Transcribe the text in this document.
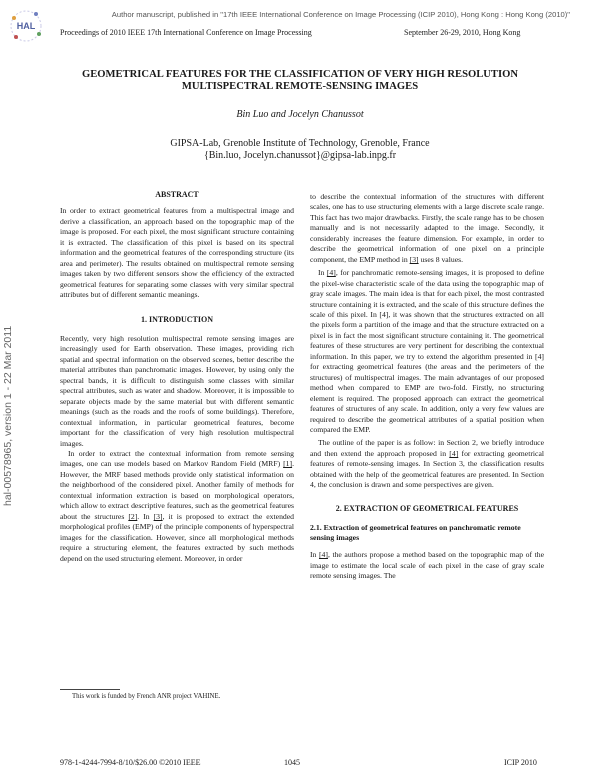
HAL
Author manuscript, published in "17th IEEE International Conference on Image Processing (ICIP 2010), Hong Kong : Hong Kong (2010)"
Proceedings of 2010 IEEE 17th International Conference on Image Processing	September 26-29, 2010, Hong Kong
hal-00578965, version 1 - 22 Mar 2011
GEOMETRICAL FEATURES FOR THE CLASSIFICATION OF VERY HIGH RESOLUTION
MULTISPECTRAL REMOTE-SENSING IMAGES
Bin Luo and Jocelyn Chanussot
GIPSA-Lab, Grenoble Institute of Technology, Grenoble, France
{Bin.luo, Jocelyn.chanussot}@gipsa-lab.inpg.fr
ABSTRACT

In order to extract geometrical features from a multispectral image and derive a classification, an approach based on the topographic map of the image is proposed. For each pixel, the most significant structure containing it is extracted. The classification of this pixel is based on its spectral information and the geometrical features of the corresponding structure (its area and perimeter). The results obtained on multispectral remote sensing images taken by two different sensors show the efficiency of the extracted geometrical features for separating some classes with very similar spectral attributes but of different semantic meanings.

1. INTRODUCTION

Recently, very high resolution multispectral remote sensing images are increasingly used for Earth observation. These images, providing rich spatial and spectral information on the observed scenes, better describe the material attributes than panchromatic images. However, by using only the spectral bands, it is difficult to distinguish some classes with similar spectral attributes, such as water and shadow. Moreover, it is impossible to separate objects made by the same material but with different semantic meanings (such as the roads and the roofs of some buildings). Therefore, contextual information, in particular geometrical features, become important for the classification of very high resolution multispectral images.

In order to extract the contextual information from remote sensing images, one can use models based on Markov Random Field (MRF) [1]. However, the MRF based methods provide only statistical information on the neighborhood of the considered pixel. Another family of methods for contextual information extraction is based on morphological operators, which allow to extract descriptive features, such as the geometrical features about the structures [2]. In [3], it is proposed to extract the extended morphological profiles (EMP) of the principle components of hyperspectral images for the classification. However, since all morphological methods require a structuring element, the features extracted by such methods depend on the used structuring element. Moreover, in order

to describe the contextual information of the structures with different scales, one has to use structuring elements with a large discrete scale range. This fact has two major drawbacks. Firstly, the scale range has to be chosen manually and is not necessarily adapted to the image. Secondly, it considerably increases the feature dimension. For example, in order to describe the geometrical information of one pixel on a principle component, the EMP method in [3] uses 8 values.

In [4], for panchromatic remote-sensing images, it is proposed to define the pixel-wise characteristic scale of the data using the topographic map of gray scale images. The main idea is that for each pixel, the most contrasted structure containing it is extracted, and the scale of this structure defines the scale of this pixel. In [4], it was shown that the structures extracted on all the pixels form a partition of the image and that the structure extracted on a pixel is in fact the most significant structure containing it. The geometrical features of these structures are very pertinent for describing the contextual information. In this paper, we try to extend the algorithm presented in [4] for extracting geometrical features (the areas and the perimeters of the structures) of multispectral images. The main advantages of our proposed method when compared to EMP are two-fold. Firstly, no structuring element is required. The proposed approach can extract the geometrical features of structures of any scale. In addition, only a very few values are required to describe the geometrical attributes of a spatial position when compared the EMP.

The outline of the paper is as follow: in Section 2, we briefly introduce and then extend the approach proposed in [4] for extracting geometrical features of remote-sensing images. In Section 3, the classification results obtained with the help of the geometrical features are presented. In Section 4, the conclusion is drawn and some perspectives are given.

2. EXTRACTION OF GEOMETRICAL FEATURES
2.1. Extraction of geometrical features on panchromatic remote sensing images

In [4], the authors propose a method based on the topographic map of the image to estimate the local scale of each pixel in the case of gray scale remote sensing images. The

This work is funded by French ANR project VAHINE.
978-1-4244-7994-8/10/$26.00 ©2010 IEEE	1045	ICIP 2010
